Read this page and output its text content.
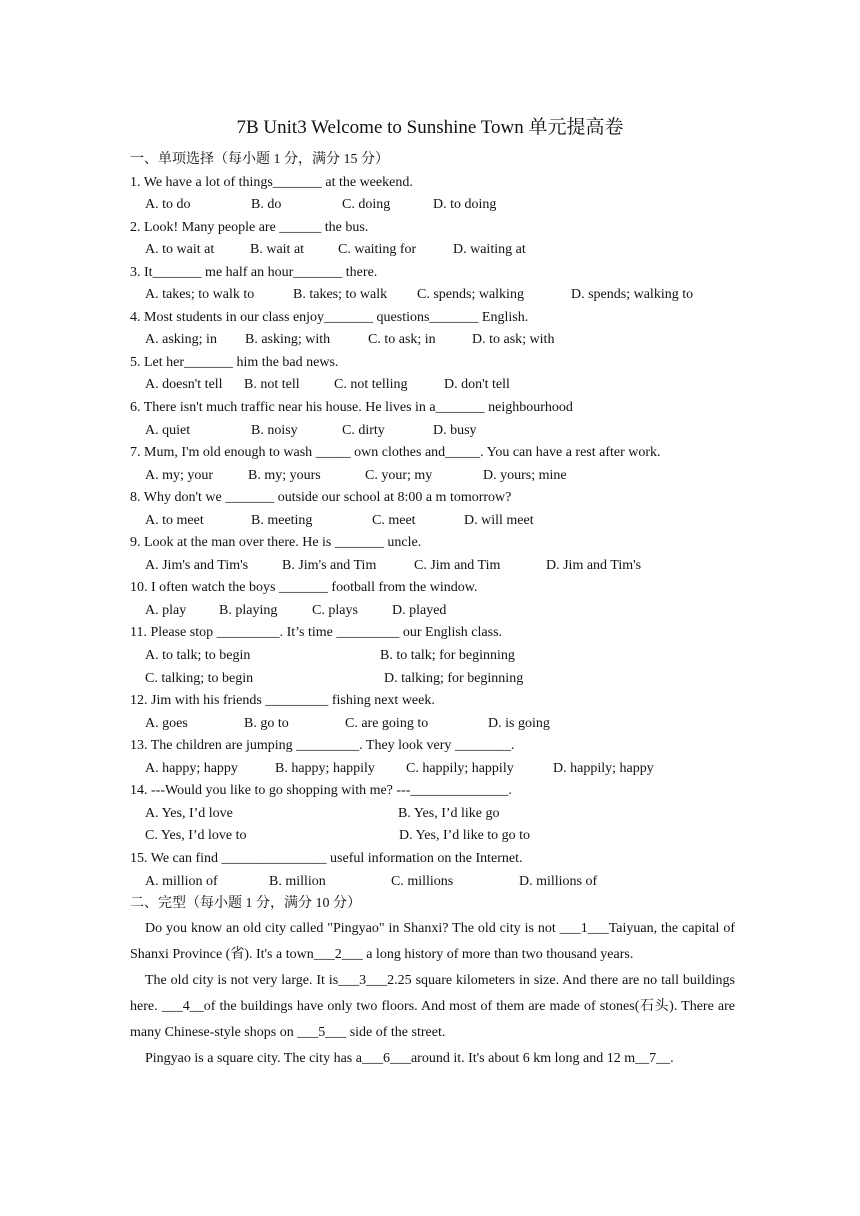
7B Unit3 Welcome to Sunshine Town 单元提高卷
一、单项选择（每小题 1 分，满分 15 分）
1. We have a lot of things_______ at the weekend.
A. to do	B. do	C. doing	D. to doing
2. Look! Many people are ______ the bus.
A. to wait at	B. wait at C. waiting for	D. waiting at
3. It_______ me half an hour_______ there.
A. takes; to walk to	B. takes; to walk C. spends; walking	D. spends; walking to
4. Most students in our class enjoy_______ questions_______ English.
A. asking; in B. asking; with	C. to ask; in	D. to ask; with
5. Let her_______ him the bad news.
A. doesn't tell B. not tell C. not telling	D. don't tell
6. There isn't much traffic near his house. He lives in a_______ neighbourhood
A. quiet	B. noisy	C. dirty	D. busy
7. Mum, I'm old enough to wash _____ own clothes and_____. You can have a rest after work.
A. my; your B. my; yours	C. your; my	D. yours; mine
8. Why don't we _______ outside our school at 8:00 a m tomorrow?
A. to meet	B. meeting	C. meet	D. will meet
9. Look at the man over there. He is _______ uncle.
A. Jim's and Tim's B. Jim's and Tim	C. Jim and Tim	D. Jim and Tim's
10. I often watch the boys _______ football from the window.
A. play B. playing C. plays D. played
11. Please stop _________. It’s time _________ our English class.
A. to talk; to begin	B. to talk; for beginning
C. talking; to begin	D. talking; for beginning
12. Jim with his friends _________ fishing next week.
A. goes	B. go to	C. are going to	D. is going
13. The children are jumping _________. They look very ________.
A. happy; happy	B. happy; happily C. happily; happily	D. happily; happy
14. ---Would you like to go shopping with me? ---______________.
A. Yes, I’d love	B. Yes, I’d like go
C. Yes, I’d love to	D. Yes, I’d like to go to
15. We can find _______________ useful information on the Internet.
A. million of	B. million	C. millions	D. millions of
二、完型（每小题 1 分，满分 10 分）

Do you know an old city called "Pingyao" in Shanxi? The old city is not ___1___Taiyuan, the capital of Shanxi Province (省). It's a town___2___ a long history of more than two thousand years.

The old city is not very large. It is___3___2.25 square kilometers in size. And there are no tall buildings here. ___4__of the buildings have only two floors. And most of them are made of stones(石头). There are many Chinese-style shops on ___5___ side of the street.

Pingyao is a square city. The city has a___6___around it. It's about 6 km long and 12 m__7__.
